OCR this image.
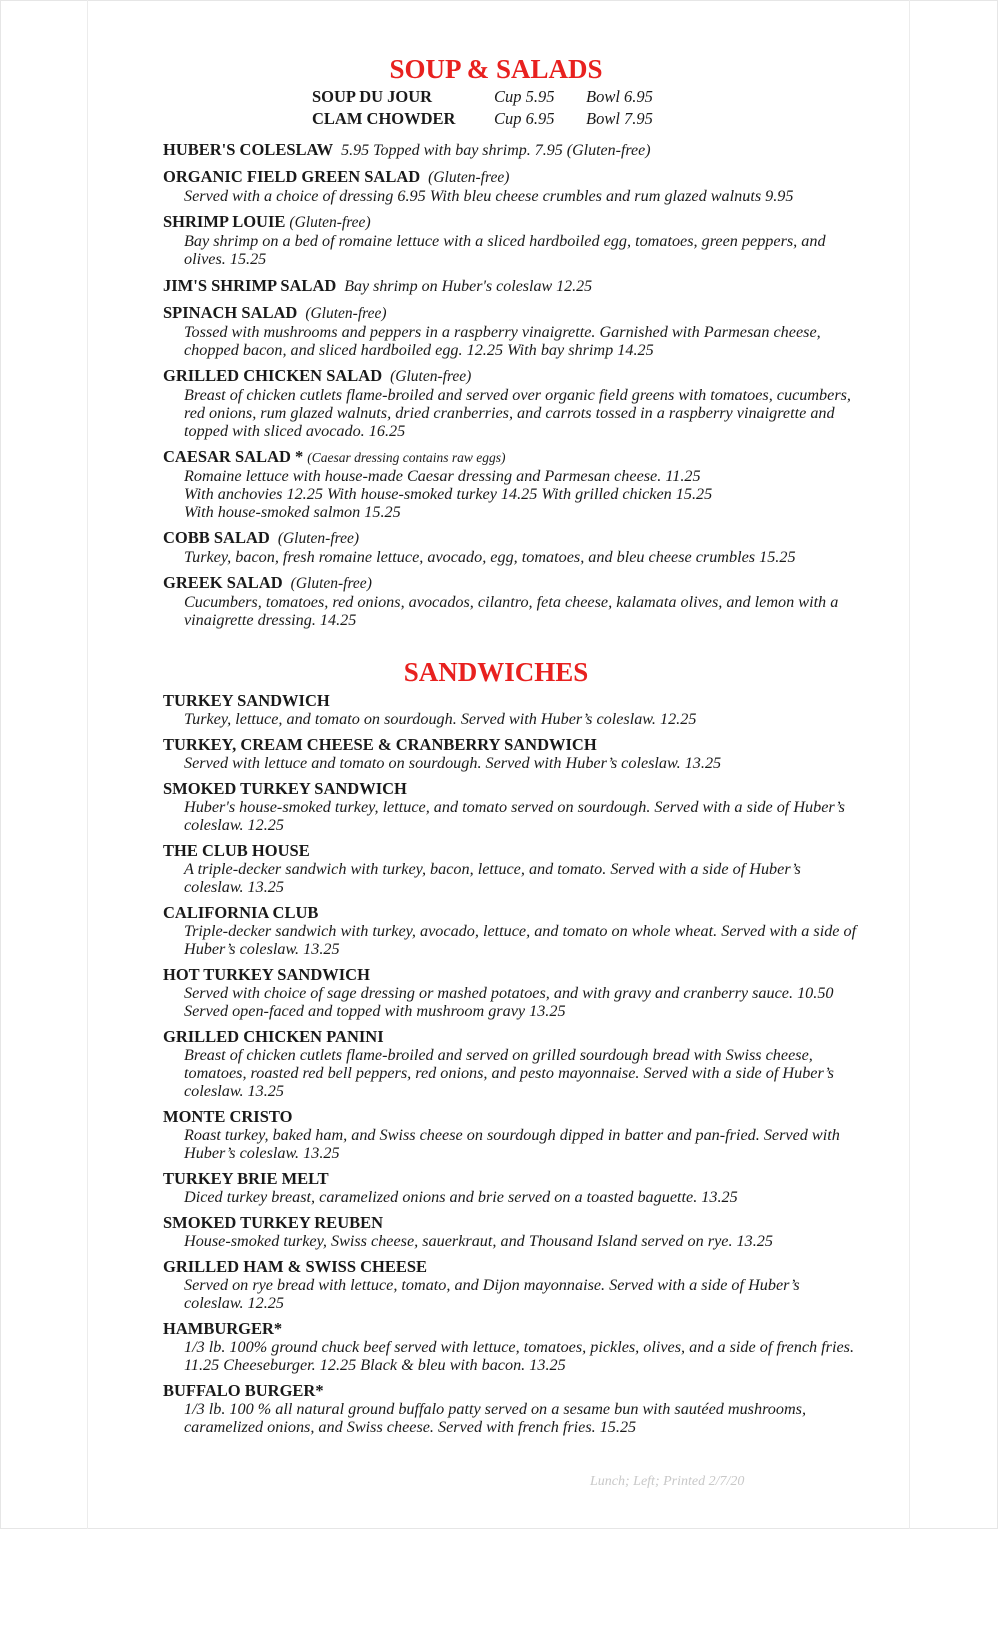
SOUP & SALADS
SOUP DU JOUR	Cup 5.95	Bowl 6.95
CLAM CHOWDER	Cup 6.95	Bowl 7.95
HUBER'S COLESLAW 5.95 Topped with bay shrimp. 7.95 (Gluten-free)
ORGANIC FIELD GREEN SALAD (Gluten-free)
Served with a choice of dressing 6.95 With bleu cheese crumbles and rum glazed walnuts 9.95
SHRIMP LOUIE (Gluten-free)
Bay shrimp on a bed of romaine lettuce with a sliced hardboiled egg, tomatoes, green peppers, and olives. 15.25
JIM'S SHRIMP SALAD Bay shrimp on Huber's coleslaw 12.25
SPINACH SALAD (Gluten-free)
Tossed with mushrooms and peppers in a raspberry vinaigrette. Garnished with Parmesan cheese, chopped bacon, and sliced hardboiled egg. 12.25 With bay shrimp 14.25
GRILLED CHICKEN SALAD (Gluten-free)
Breast of chicken cutlets flame-broiled and served over organic field greens with tomatoes, cucumbers, red onions, rum glazed walnuts, dried cranberries, and carrots tossed in a raspberry vinaigrette and topped with sliced avocado. 16.25
CAESAR SALAD * (Caesar dressing contains raw eggs)
Romaine lettuce with house-made Caesar dressing and Parmesan cheese. 11.25
With anchovies 12.25 With house-smoked turkey 14.25 With grilled chicken 15.25
With house-smoked salmon 15.25
COBB SALAD (Gluten-free)
Turkey, bacon, fresh romaine lettuce, avocado, egg, tomatoes, and bleu cheese crumbles 15.25
GREEK SALAD (Gluten-free)
Cucumbers, tomatoes, red onions, avocados, cilantro, feta cheese, kalamata olives, and lemon with a vinaigrette dressing. 14.25
SANDWICHES
TURKEY SANDWICH
Turkey, lettuce, and tomato on sourdough. Served with Huber’s coleslaw. 12.25
TURKEY, CREAM CHEESE & CRANBERRY SANDWICH
Served with lettuce and tomato on sourdough. Served with Huber’s coleslaw. 13.25
SMOKED TURKEY SANDWICH
Huber's house-smoked turkey, lettuce, and tomato served on sourdough. Served with a side of Huber’s coleslaw. 12.25
THE CLUB HOUSE
A triple-decker sandwich with turkey, bacon, lettuce, and tomato. Served with a side of Huber’s coleslaw. 13.25
CALIFORNIA CLUB
Triple-decker sandwich with turkey, avocado, lettuce, and tomato on whole wheat. Served with a side of Huber’s coleslaw. 13.25
HOT TURKEY SANDWICH
Served with choice of sage dressing or mashed potatoes, and with gravy and cranberry sauce. 10.50 Served open-faced and topped with mushroom gravy 13.25
GRILLED CHICKEN PANINI
Breast of chicken cutlets flame-broiled and served on grilled sourdough bread with Swiss cheese, tomatoes, roasted red bell peppers, red onions, and pesto mayonnaise. Served with a side of Huber’s coleslaw. 13.25
MONTE CRISTO
Roast turkey, baked ham, and Swiss cheese on sourdough dipped in batter and pan-fried. Served with Huber’s coleslaw. 13.25
TURKEY BRIE MELT
Diced turkey breast, caramelized onions and brie served on a toasted baguette. 13.25
SMOKED TURKEY REUBEN
House-smoked turkey, Swiss cheese, sauerkraut, and Thousand Island served on rye. 13.25
GRILLED HAM & SWISS CHEESE
Served on rye bread with lettuce, tomato, and Dijon mayonnaise. Served with a side of Huber’s coleslaw. 12.25
HAMBURGER*
1/3 lb. 100% ground chuck beef served with lettuce, tomatoes, pickles, olives, and a side of french fries. 11.25 Cheeseburger. 12.25 Black & bleu with bacon. 13.25
BUFFALO BURGER*
1/3 lb. 100 % all natural ground buffalo patty served on a sesame bun with sautéed mushrooms, caramelized onions, and Swiss cheese. Served with french fries. 15.25
Lunch; Left; Printed 2/7/20
